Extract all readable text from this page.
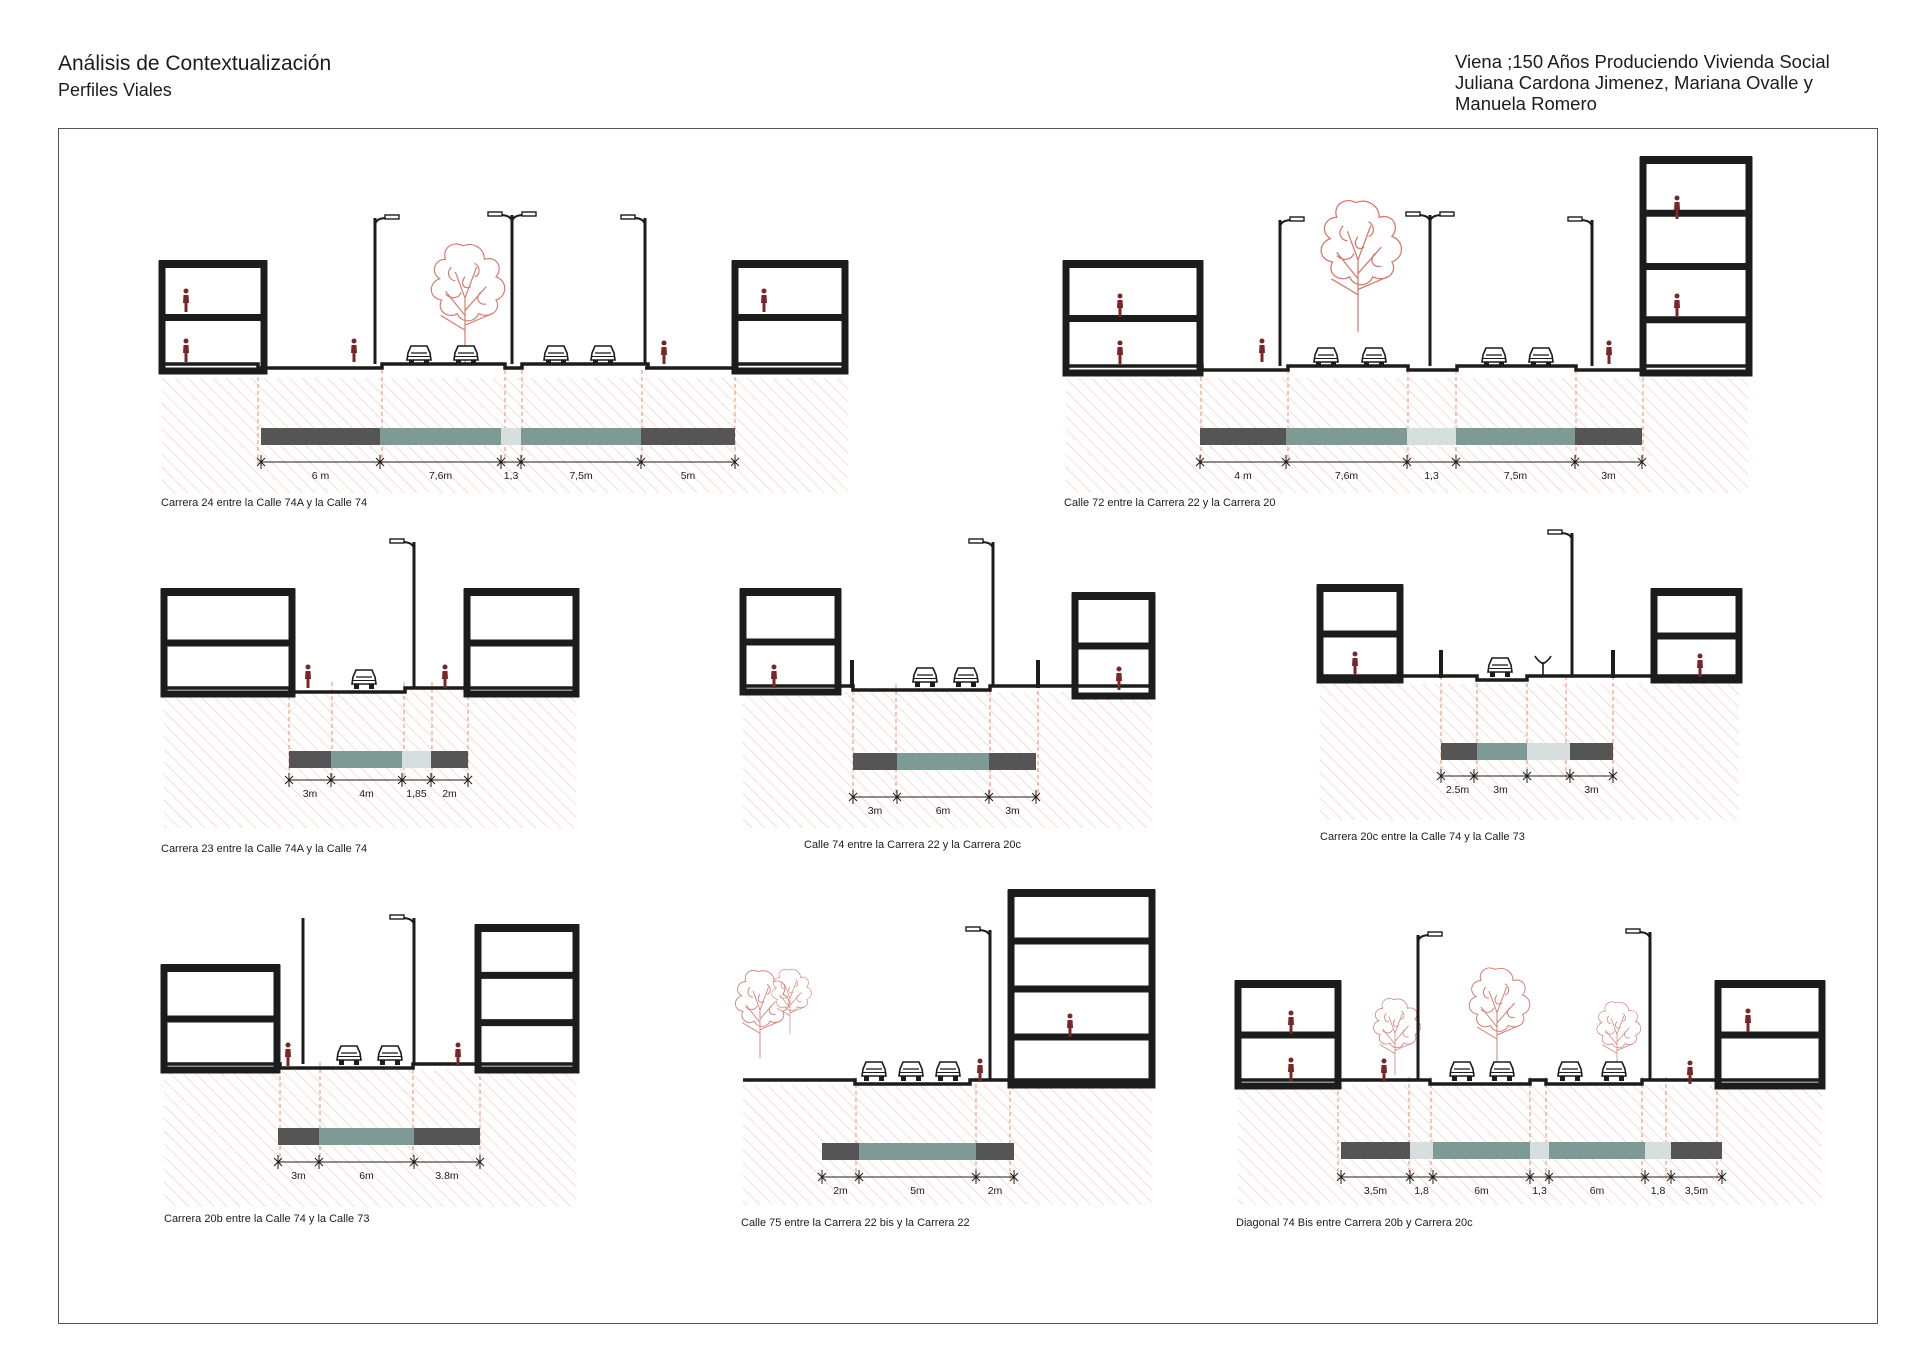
Análisis de Contextualización
Perfiles Viales
Viena ;150 Años Produciendo Vivienda Social
Juliana Cardona Jimenez, Mariana Ovalle y
Manuela Romero
6 m	7,6m	1,3	7,5m	5m
Carrera 24 entre la Calle 74A y la Calle 74
4 m	7,6m	1,3	7,5m	3m
Calle 72 entre la Carrera 22 y la Carrera 20
3m	4m	1,85 2m
Carrera 23 entre la Calle 74A y la Calle 74
3m	6m	3m
Calle 74 entre la Carrera 22 y la Carrera 20c
2.5m 3m	3m
Carrera 20c entre la Calle 74 y la Calle 73
3m	6m	3.8m
Carrera 20b entre la Calle 74 y la Calle 73
2m	5m	2m
Calle 75 entre la Carrera 22 bis y la Carrera 22
3,5m	1,8	6m	1,3	6m	1,8 3,5m
Diagonal 74 Bis entre Carrera 20b y Carrera 20c
